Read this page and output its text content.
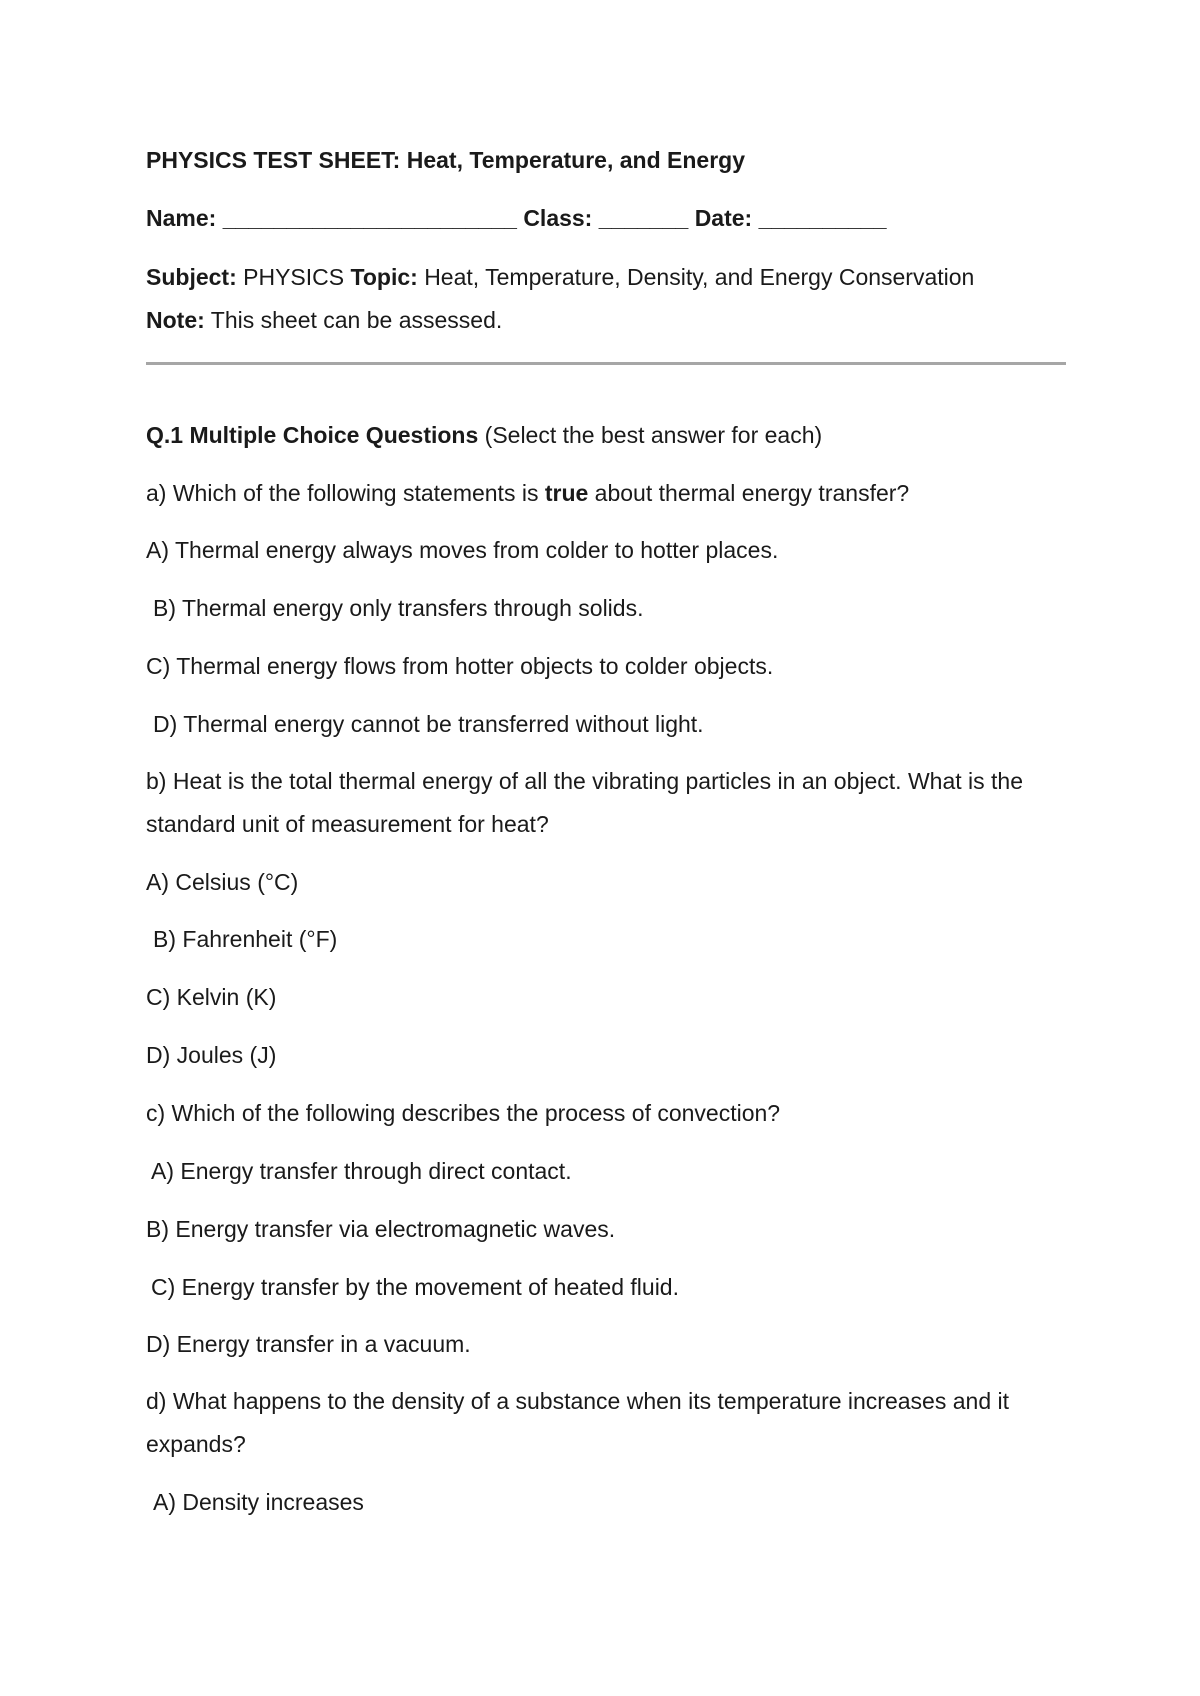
PHYSICS TEST SHEET: Heat, Temperature, and Energy
Name: _______________________ Class: _______ Date: __________
Subject: PHYSICS Topic: Heat, Temperature, Density, and Energy Conservation
Note: This sheet can be assessed.
Q.1 Multiple Choice Questions (Select the best answer for each)
a) Which of the following statements is true about thermal energy transfer?
A) Thermal energy always moves from colder to hotter places.
B) Thermal energy only transfers through solids.
C) Thermal energy flows from hotter objects to colder objects.
D) Thermal energy cannot be transferred without light.
b) Heat is the total thermal energy of all the vibrating particles in an object. What is the standard unit of measurement for heat?
A) Celsius (°C)
B) Fahrenheit (°F)
C) Kelvin (K)
D) Joules (J)
c) Which of the following describes the process of convection?
A) Energy transfer through direct contact.
B) Energy transfer via electromagnetic waves.
C) Energy transfer by the movement of heated fluid.
D) Energy transfer in a vacuum.
d) What happens to the density of a substance when its temperature increases and it expands?
A) Density increases
